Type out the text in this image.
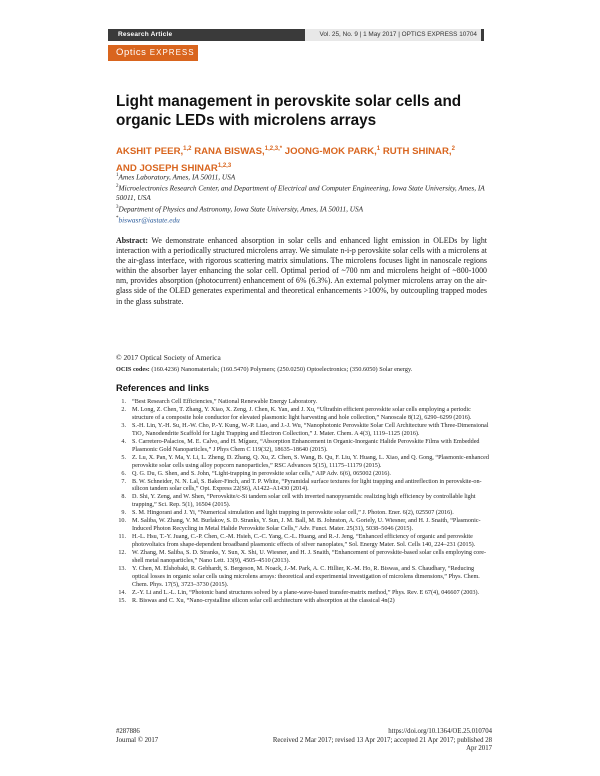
Research Article	Vol. 25, No. 9 | 1 May 2017 | OPTICS EXPRESS 10704
Optics EXPRESS
Light management in perovskite solar cells and organic LEDs with microlens arrays
AKSHIT PEER,$^{1,2}$ RANA BISWAS,$^{1,2,3,*}$ JOONG-MOK PARK,$^1$ RUTH SHINAR,$^2$
AND JOSEPH SHINAR$^{1,2,3}$

$^1$Ames Laboratory, Ames, IA 50011, USA

$^2$Microelectronics Research Center, and Department of Electrical and Computer Engineering, Iowa State University, Ames, IA 50011, USA

$^3$Department of Physics and Astronomy, Iowa State University, Ames, IA 50011, USA

*biswasr@iastate.edu

Abstract: We demonstrate enhanced absorption in solar cells and enhanced light emission in OLEDs by light interaction with a periodically structured microlens array. We simulate n-i-p perovskite solar cells with a microlens at the air-glass interface, with rigorous scattering matrix simulations. The microlens focuses light in nanoscale regions within the absorber layer enhancing the solar cell. Optimal period of ~700 nm and microlens height of ~800-1000 nm, provides absorption (photocurrent) enhancement of 6% (6.3%). An external polymer microlens array on the air-glass side of the OLED generates experimental and theoretical enhancements >100%, by outcoupling trapped modes in the glass substrate.
© 2017 Optical Society of America
OCIS codes: (160.4236) Nanomaterials; (160.5470) Polymers; (250.0250) Optoelectronics; (350.6050) Solar energy.
References and links
1. “Best Research Cell Efficiencies,” National Renewable Energy Laboratory.
2. M. Long, Z. Chen, T. Zhang, Y. Xiao, X. Zeng, J. Chen, K. Yan, and J. Xu, “Ultrathin efficient perovskite solar cells employing a periodic structure of a composite hole conductor for elevated plasmonic light harvesting and hole collection,” Nanoscale 8(12), 6290–6299 (2016).
3. S.-H. Lin, Y.-H. Su, H.-W. Cho, P.-Y. Kung, W.-P. Liao, and J.-J. Wu, “Nanophotonic Perovskite Solar Cell Architecture with Three-Dimensional TiO₂ Nanodendrite Scaffold for Light Trapping and Electron Collection,” J. Mater. Chem. A 4(3), 1119–1125 (2016).
4. S. Carretero-Palacios, M. E. Calvo, and H. Míguez, “Absorption Enhancement in Organic-Inorganic Halide Perovskite Films with Embedded Plasmonic Gold Nanoparticles,” J Phys Chem C 119(32), 18635–18640 (2015).
5. Z. Lu, X. Pan, Y. Ma, Y. Li, L. Zheng, D. Zhang, Q. Xu, Z. Chen, S. Wang, B. Qu, F. Liu, Y. Huang, L. Xiao, and Q. Gong, “Plasmonic-enhanced perovskite solar cells using alloy popcorn nanoparticles,” RSC Advances 5(15), 11175–11179 (2015).
6. Q. G. Du, G. Shen, and S. John, “Light-trapping in perovskite solar cells,” AIP Adv. 6(6), 065002 (2016).
7. B. W. Schneider, N. N. Lal, S. Baker-Finch, and T. P. White, “Pyramidal surface textures for light trapping and antireflection in perovskite-on-silicon tandem solar cells,” Opt. Express 22(S6), A1422–A1430 (2014).
8. D. Shi, Y. Zeng, and W. Shen, “Perovskite/c-Si tandem solar cell with inverted nanopyramids: realizing high efficiency by controllable light trapping,” Sci. Rep. 5(1), 16504 (2015).
9. S. M. Hingorani and J. Yi, “Numerical simulation and light trapping in perovskite solar cell,” J. Photon. Ener. 6(2), 025507 (2016).
10. M. Saliba, W. Zhang, V. M. Burlakov, S. D. Stranks, Y. Sun, J. M. Ball, M. B. Johnston, A. Goriely, U. Wiesner, and H. J. Snaith, “Plasmonic-Induced Photon Recycling in Metal Halide Perovskite Solar Cells,” Adv. Funct. Mater. 25(31), 5038–5046 (2015).
11. H.-L. Hsu, T.-Y. Juang, C.-P. Chen, C.-M. Hsieh, C.-C. Yang, C.-L. Huang, and R.-J. Jeng, “Enhanced efficiency of organic and perovskite photovoltaics from shape-dependent broadband plasmonic effects of silver nanoplates,” Sol. Energy Mater. Sol. Cells 140, 224–231 (2015).
12. W. Zhang, M. Saliba, S. D. Stranks, Y. Sun, X. Shi, U. Wiesner, and H. J. Snaith, “Enhancement of perovskite-based solar cells employing core-shell metal nanoparticles,” Nano Lett. 13(9), 4505–4510 (2013).
13. Y. Chen, M. Elshobaki, R. Gebhardt, S. Bergeson, M. Noack, J.-M. Park, A. C. Hillier, K.-M. Ho, R. Biswas, and S. Chaudhary, “Reducing optical losses in organic solar cells using microlens arrays: theoretical and experimental investigation of microlens dimensions,” Phys. Chem. Chem. Phys. 17(5), 3723–3730 (2015).
14. Z.-Y. Li and L.-L. Lin, “Photonic band structures solved by a plane-wave-based transfer-matrix method,” Phys. Rev. E 67(4), 046607 (2003).
15. R. Biswas and C. Xu, “Nano-crystalline silicon solar cell architecture with absorption at the classical 4n(2)
#287886
Journal © 2017
https://doi.org/10.1364/OE.25.010704
Received 2 Mar 2017; revised 13 Apr 2017; accepted 21 Apr 2017; published 28 Apr 2017
